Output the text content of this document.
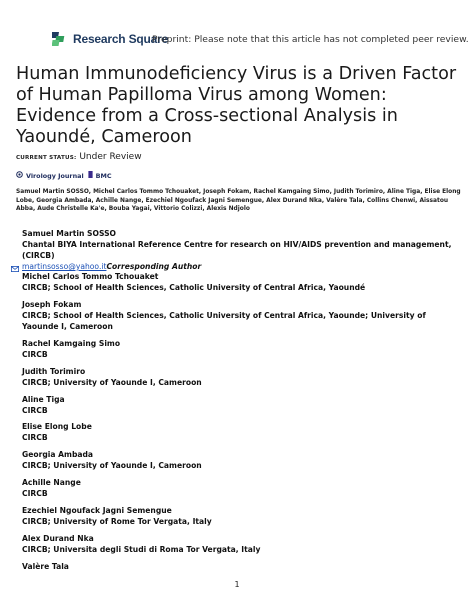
Research Square
Preprint: Please note that this article has not completed peer review.
Human Immunodeficiency Virus is a Driven Factor of Human Papilloma Virus among Women: Evidence from a Cross-sectional Analysis in Yaoundé, Cameroon
CURRENT STATUS: Under Review
Virology Journal BMC
Samuel Martin SOSSO, Michel Carlos Tommo Tchouaket, Joseph Fokam, Rachel Kamgaing Simo, Judith Torimiro, Aline Tiga, Elise Elong Lobe, Georgia Ambada, Achille Nange, Ezechiel Ngoufack Jagni Semengue, Alex Durand Nka, Valère Tala, Collins Chenwi, Aissatou Abba, Aude Christelle Ka'e, Bouba Yagai, Vittorio Colizzi, Alexis Ndjolo
Samuel Martin SOSSO
Chantal BIYA International Reference Centre for research on HIV/AIDS prevention and management, (CIRCB)
martinsosso@yahoo.it Corresponding Author
Michel Carlos Tommo Tchouaket
CIRCB; School of Health Sciences, Catholic University of Central Africa, Yaoundé
Joseph Fokam
CIRCB; School of Health Sciences, Catholic University of Central Africa, Yaounde; University of Yaounde I, Cameroon
Rachel Kamgaing Simo
CIRCB
Judith Torimiro
CIRCB; University of Yaounde I, Cameroon
Aline Tiga
CIRCB
Elise Elong Lobe
CIRCB
Georgia Ambada
CIRCB; University of Yaounde I, Cameroon
Achille Nange
CIRCB
Ezechiel Ngoufack Jagni Semengue
CIRCB; University of Rome Tor Vergata, Italy
Alex Durand Nka
CIRCB; Universita degli Studi di Roma Tor Vergata, Italy
Valère Tala
1
